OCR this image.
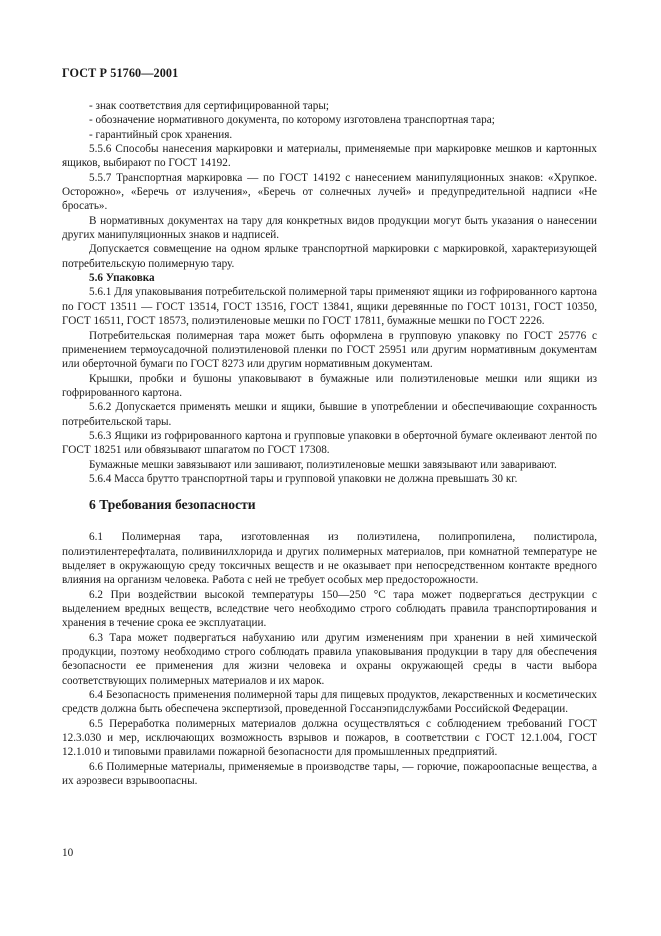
ГОСТ Р 51760—2001

- знак соответствия для сертифицированной тары;

- обозначение нормативного документа, по которому изготовлена транспортная тара;

- гарантийный срок хранения.

5.5.6 Способы нанесения маркировки и материалы, применяемые при маркировке мешков и картонных ящиков, выбирают по ГОСТ 14192.

5.5.7 Транспортная маркировка — по ГОСТ 14192 с нанесением манипуляционных знаков: «Хрупкое. Осторожно», «Беречь от излучения», «Беречь от солнечных лучей» и предупредительной надписи «Не бросать».

В нормативных документах на тару для конкретных видов продукции могут быть указания о нанесении других манипуляционных знаков и надписей.

Допускается совмещение на одном ярлыке транспортной маркировки с маркировкой, характеризующей потребительскую полимерную тару.

5.6 Упаковка

5.6.1 Для упаковывания потребительской полимерной тары применяют ящики из гофрированного картона по ГОСТ 13511 — ГОСТ 13514, ГОСТ 13516, ГОСТ 13841, ящики деревянные по ГОСТ 10131, ГОСТ 10350, ГОСТ 16511, ГОСТ 18573, полиэтиленовые мешки по ГОСТ 17811, бумажные мешки по ГОСТ 2226.

Потребительская полимерная тара может быть оформлена в групповую упаковку по ГОСТ 25776 с применением термоусадочной полиэтиленовой пленки по ГОСТ 25951 или другим нормативным документам или оберточной бумаги по ГОСТ 8273 или другим нормативным документам.

Крышки, пробки и бушоны упаковывают в бумажные или полиэтиленовые мешки или ящики из гофрированного картона.

5.6.2 Допускается применять мешки и ящики, бывшие в употреблении и обеспечивающие сохранность потребительской тары.

5.6.3 Ящики из гофрированного картона и групповые упаковки в оберточной бумаге оклеивают лентой по ГОСТ 18251 или обвязывают шпагатом по ГОСТ 17308.

Бумажные мешки завязывают или зашивают, полиэтиленовые мешки завязывают или заваривают.

5.6.4 Масса брутто транспортной тары и групповой упаковки не должна превышать 30 кг.

6 Требования безопасности

6.1 Полимерная тара, изготовленная из полиэтилена, полипропилена, полистирола, полиэтилентерефталата, поливинилхлорида и других полимерных материалов, при комнатной температуре не выделяет в окружающую среду токсичных веществ и не оказывает при непосредственном контакте вредного влияния на организм человека. Работа с ней не требует особых мер предосторожности.

6.2 При воздействии высокой температуры 150—250 °С тара может подвергаться деструкции с выделением вредных веществ, вследствие чего необходимо строго соблюдать правила транспортирования и хранения в течение срока ее эксплуатации.

6.3 Тара может подвергаться набуханию или другим изменениям при хранении в ней химической продукции, поэтому необходимо строго соблюдать правила упаковывания продукции в тару для обеспечения безопасности ее применения для жизни человека и охраны окружающей среды в части выбора соответствующих полимерных материалов и их марок.

6.4 Безопасность применения полимерной тары для пищевых продуктов, лекарственных и косметических средств должна быть обеспечена экспертизой, проведенной Госсанэпидслужбами Российской Федерации.

6.5 Переработка полимерных материалов должна осуществляться с соблюдением требований ГОСТ 12.3.030 и мер, исключающих возможность взрывов и пожаров, в соответствии с ГОСТ 12.1.004, ГОСТ 12.1.010 и типовыми правилами пожарной безопасности для промышленных предприятий.

6.6 Полимерные материалы, применяемые в производстве тары, — горючие, пожароопасные вещества, а их аэрозвеси взрывоопасны.

10
